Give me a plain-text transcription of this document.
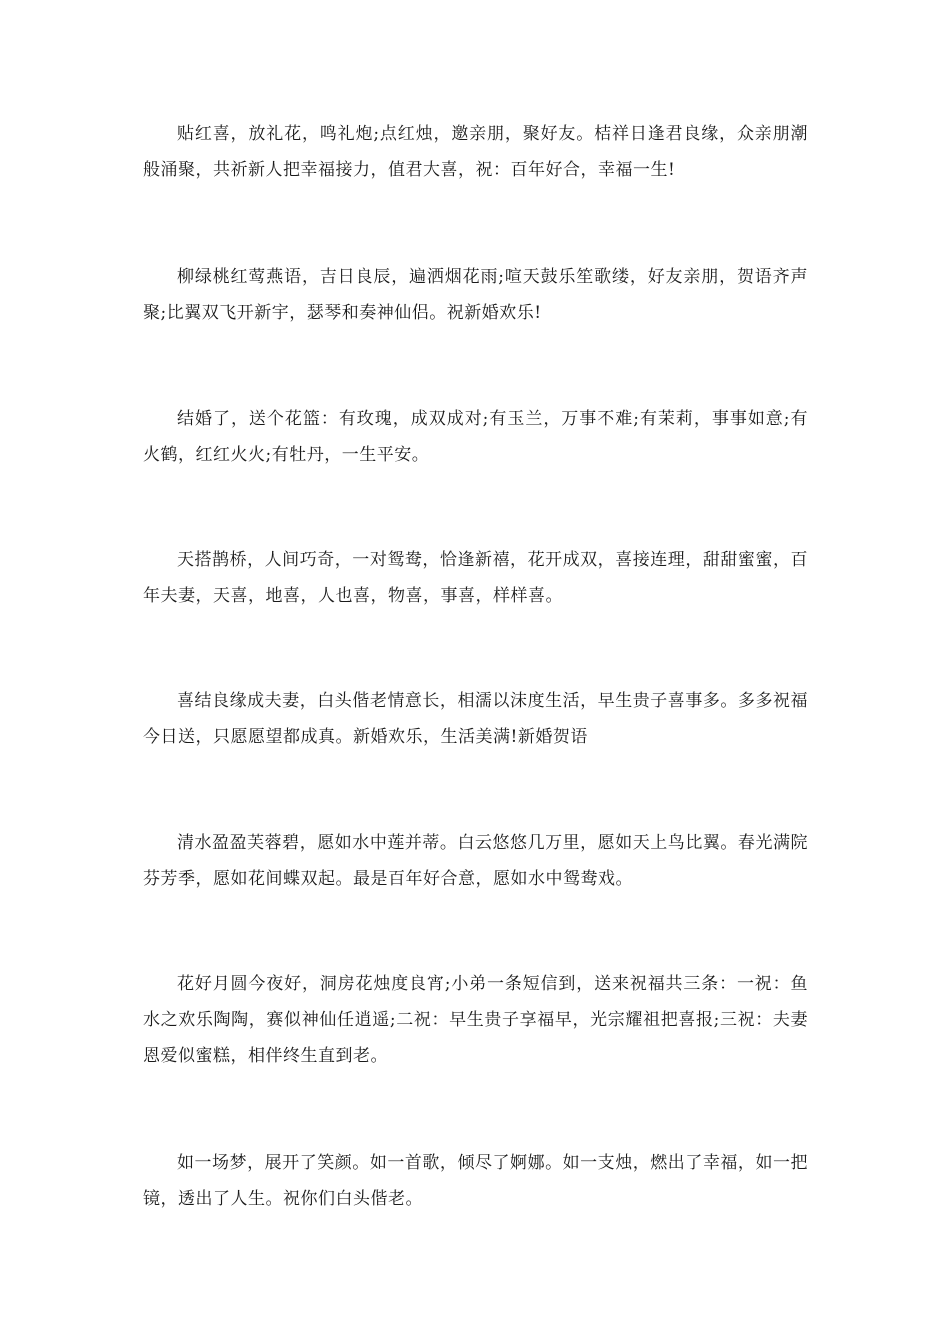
贴红喜，放礼花，鸣礼炮;点红烛，邀亲朋，聚好友。桔祥日逢君良缘，众亲朋潮般涌聚，共祈新人把幸福接力，值君大喜，祝：百年好合，幸福一生!

柳绿桃红莺燕语，吉日良辰，遍洒烟花雨;喧天鼓乐笙歌缕，好友亲朋，贺语齐声聚;比翼双飞开新宇，瑟琴和奏神仙侣。祝新婚欢乐!

结婚了，送个花篮：有玫瑰，成双成对;有玉兰，万事不难;有茉莉，事事如意;有火鹤，红红火火;有牡丹，一生平安。

天搭鹊桥，人间巧奇，一对鸳鸯，恰逢新禧，花开成双，喜接连理，甜甜蜜蜜，百年夫妻，天喜，地喜，人也喜，物喜，事喜，样样喜。

喜结良缘成夫妻，白头偕老情意长，相濡以沫度生活，早生贵子喜事多。多多祝福今日送，只愿愿望都成真。新婚欢乐，生活美满!新婚贺语

清水盈盈芙蓉碧，愿如水中莲并蒂。白云悠悠几万里，愿如天上鸟比翼。春光满院芬芳季，愿如花间蝶双起。最是百年好合意，愿如水中鸳鸯戏。

花好月圆今夜好，洞房花烛度良宵;小弟一条短信到，送来祝福共三条：一祝：鱼水之欢乐陶陶，赛似神仙任逍遥;二祝：早生贵子享福早，光宗耀祖把喜报;三祝：夫妻恩爱似蜜糕，相伴终生直到老。

如一场梦，展开了笑颜。如一首歌，倾尽了婀娜。如一支烛，燃出了幸福，如一把镜，透出了人生。祝你们白头偕老。
